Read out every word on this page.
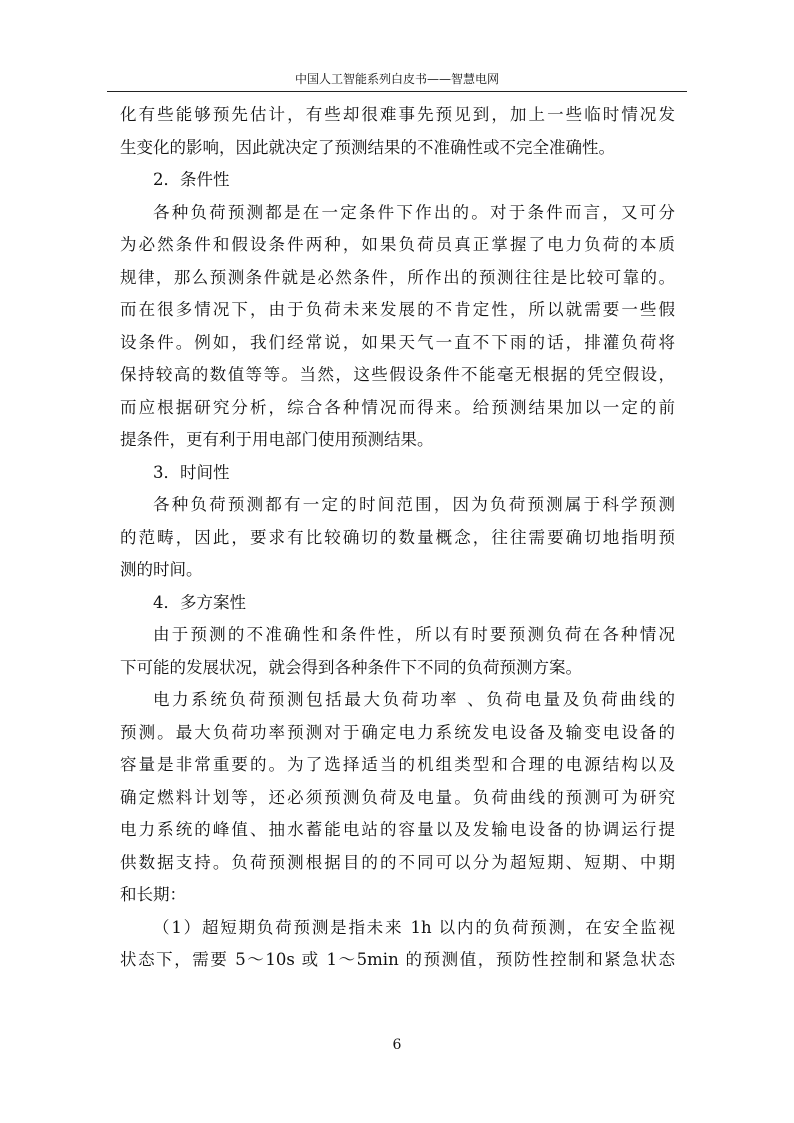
中国人工智能系列白皮书——智慧电网
化有些能够预先估计，有些却很难事先预见到，加上一些临时情况发
生变化的影响，因此就决定了预测结果的不准确性或不完全准确性。
2．条件性
各种负荷预测都是在一定条件下作出的。对于条件而言，又可分
为必然条件和假设条件两种，如果负荷员真正掌握了电力负荷的本质
规律，那么预测条件就是必然条件，所作出的预测往往是比较可靠的。
而在很多情况下，由于负荷未来发展的不肯定性，所以就需要一些假
设条件。例如，我们经常说，如果天气一直不下雨的话，排灌负荷将
保持较高的数值等等。当然，这些假设条件不能毫无根据的凭空假设，
而应根据研究分析，综合各种情况而得来。给预测结果加以一定的前
提条件，更有利于用电部门使用预测结果。
3．时间性
各种负荷预测都有一定的时间范围，因为负荷预测属于科学预测
的范畴，因此，要求有比较确切的数量概念，往往需要确切地指明预
测的时间。
4．多方案性
由于预测的不准确性和条件性，所以有时要预测负荷在各种情况
下可能的发展状况，就会得到各种条件下不同的负荷预测方案。
电力系统负荷预测包括最大负荷功率 、负荷电量及负荷曲线的
预测。最大负荷功率预测对于确定电力系统发电设备及输变电设备的
容量是非常重要的。为了选择适当的机组类型和合理的电源结构以及
确定燃料计划等，还必须预测负荷及电量。负荷曲线的预测可为研究
电力系统的峰值、抽水蓄能电站的容量以及发输电设备的协调运行提
供数据支持。负荷预测根据目的的不同可以分为超短期、短期、中期
和长期：
（1）超短期负荷预测是指未来 1h 以内的负荷预测，在安全监视
状态下，需要 5～10s 或 1～5min 的预测值，预防性控制和紧急状态
6
